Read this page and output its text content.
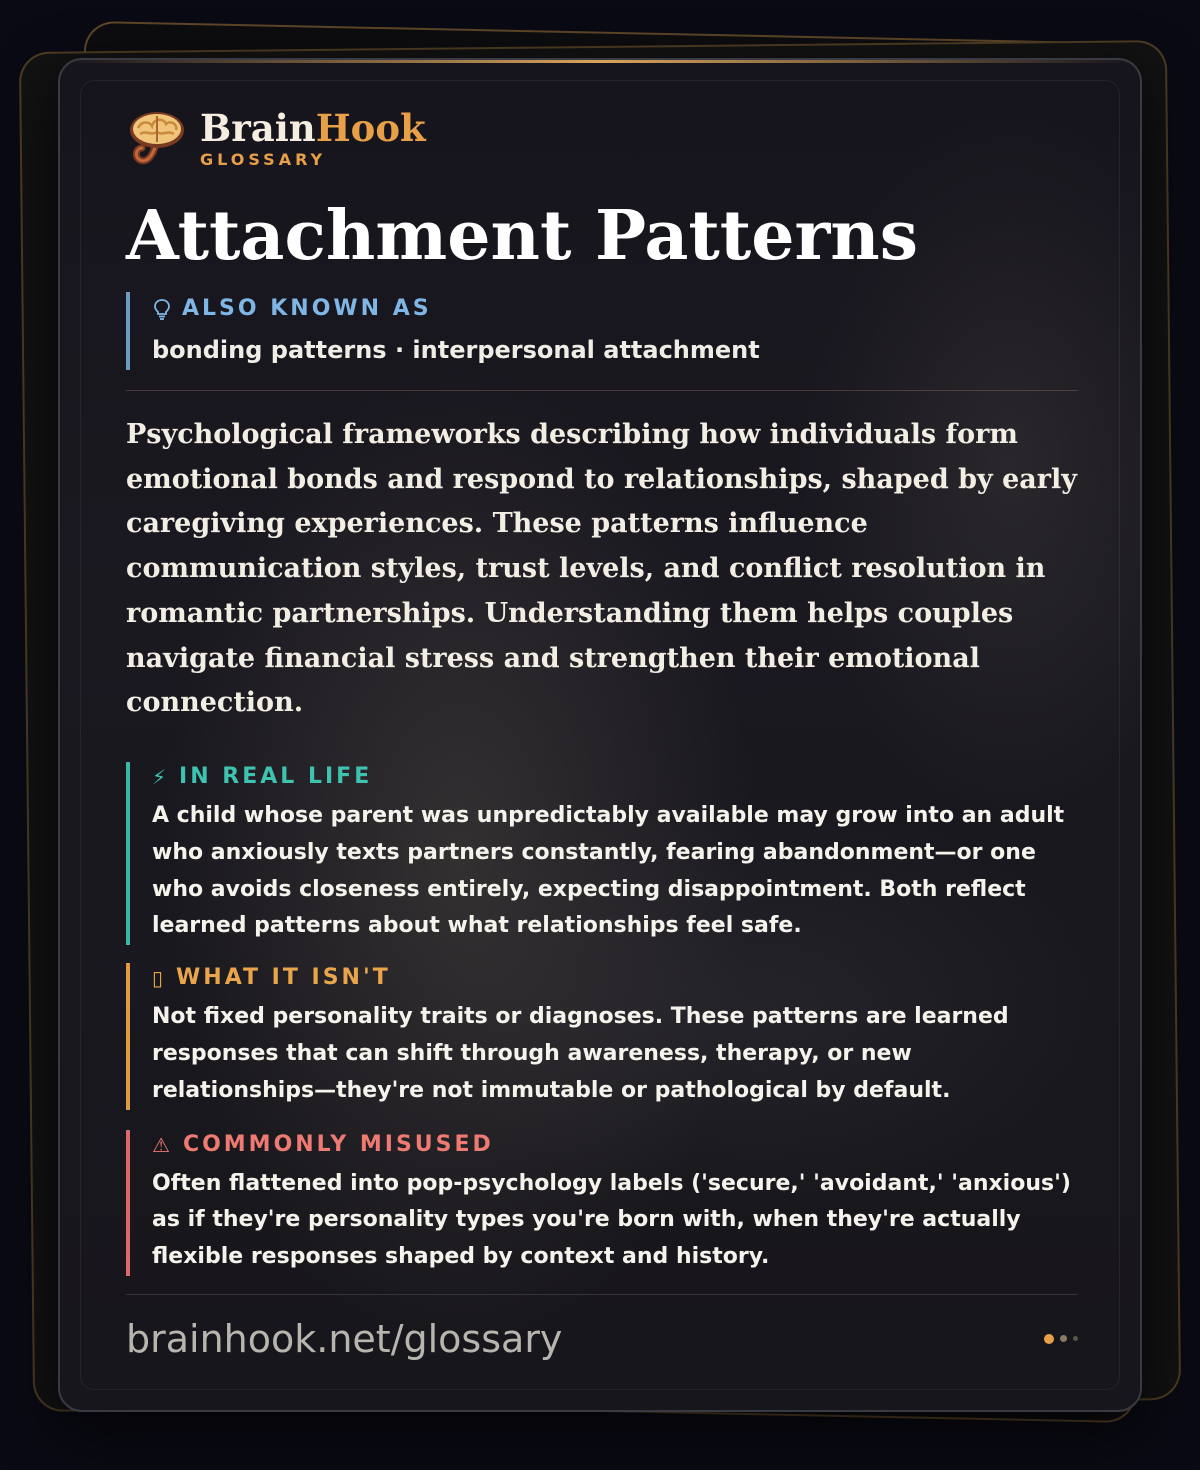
BrainHook
GLOSSARY
Attachment Patterns
ALSO KNOWN AS
bonding patterns · interpersonal attachment

Psychological frameworks describing how individuals form emotional bonds and respond to relationships, shaped by early caregiving experiences. These patterns influence communication styles, trust levels, and conflict resolution in romantic partnerships. Understanding them helps couples navigate financial stress and strengthen their emotional connection.

⚡ IN REAL LIFE

A child whose parent was unpredictably available may grow into an adult who anxiously texts partners constantly, fearing abandonment—or one who avoids closeness entirely, expecting disappointment. Both reflect learned patterns about what relationships feel safe.

▯ WHAT IT ISN'T

Not fixed personality traits or diagnoses. These patterns are learned responses that can shift through awareness, therapy, or new relationships—they're not immutable or pathological by default.

⚠ COMMONLY MISUSED

Often flattened into pop-psychology labels ('secure,' 'avoidant,' 'anxious') as if they're personality types you're born with, when they're actually flexible responses shaped by context and history.

brainhook.net/glossary
